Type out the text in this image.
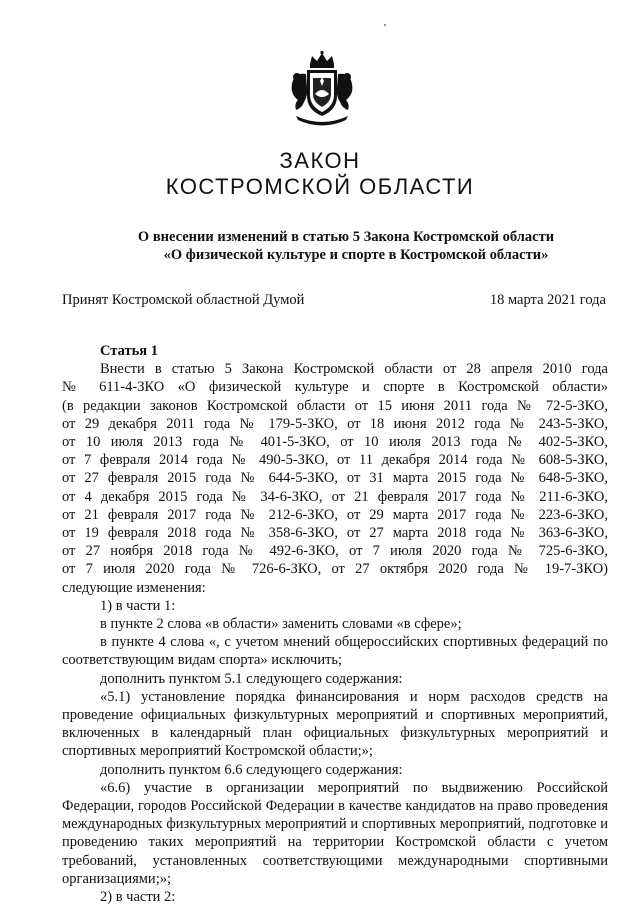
ЗАКОН
КОСТРОМСКОЙ ОБЛАСТИ
О внесении изменений в статью 5 Закона Костромской области
«О физической культуре и спорте в Костромской области»
Принят Костромской областной Думой	18 марта 2021 года

Статья 1

Внести в статью 5 Закона Костромской области от 28 апреля 2010 года

№ 611-4-ЗКО «О физической культуре и спорте в Костромской области»

(в редакции законов Костромской области от 15 июня 2011 года № 72-5-ЗКО,

от 29 декабря 2011 года № 179-5-ЗКО, от 18 июня 2012 года № 243-5-ЗКО,

от 10 июля 2013 года № 401-5-ЗКО, от 10 июля 2013 года № 402-5-ЗКО,

от 7 февраля 2014 года № 490-5-ЗКО, от 11 декабря 2014 года № 608-5-ЗКО,

от 27 февраля 2015 года № 644-5-ЗКО, от 31 марта 2015 года № 648-5-ЗКО,

от 4 декабря 2015 года № 34-6-ЗКО, от 21 февраля 2017 года № 211-6-ЗКО,

от 21 февраля 2017 года № 212-6-ЗКО, от 29 марта 2017 года № 223-6-ЗКО,

от 19 февраля 2018 года № 358-6-ЗКО, от 27 марта 2018 года № 363-6-ЗКО,

от 27 ноября 2018 года № 492-6-ЗКО, от 7 июля 2020 года № 725-6-ЗКО,

от 7 июля 2020 года № 726-6-ЗКО, от 27 октября 2020 года № 19-7-ЗКО)

следующие изменения:

1) в части 1:

в пункте 2 слова «в области» заменить словами «в сфере»;

в пункте 4 слова «, с учетом мнений общероссийских спортивных федераций по соответствующим видам спорта» исключить;

дополнить пунктом 5.1 следующего содержания:

«5.1) установление порядка финансирования и норм расходов средств на проведение официальных физкультурных мероприятий и спортивных мероприятий, включенных в календарный план официальных физкультурных мероприятий и спортивных мероприятий Костромской области;»;

дополнить пунктом 6.6 следующего содержания:

«6.6) участие в организации мероприятий по выдвижению Российской Федерации, городов Российской Федерации в качестве кандидатов на право проведения международных физкультурных мероприятий и спортивных мероприятий, подготовке и проведению таких мероприятий на территории Костромской области с учетом требований, установленных соответствующими международными спортивными организациями;»;

2) в части 2:
